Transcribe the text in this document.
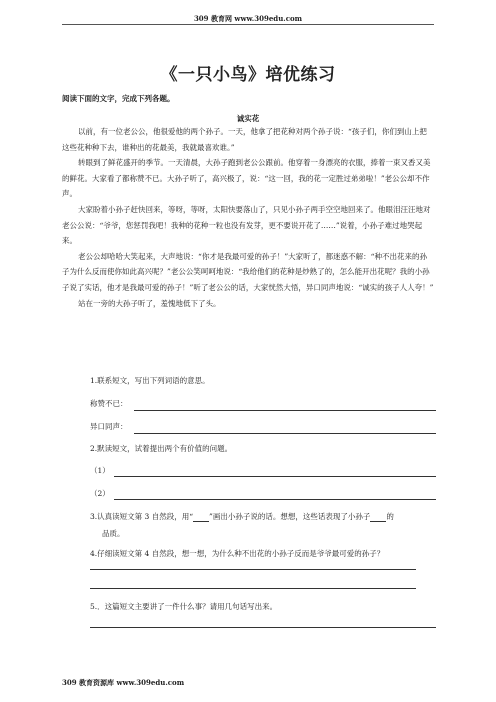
309 教育网 www.309edu.com
《一只小鸟》培优练习
阅读下面的文字，完成下列各题。
诚实花

以前，有一位老公公，他很爱他的两个孙子。一天，他拿了把花种对两个孙子说：“孩子们，你们到山上把这些花种种下去，谁种出的花最美，我就最喜欢谁。”

转眼到了鲜花盛开的季节。一天清晨，大孙子跑到老公公跟前。他穿着一身漂亮的衣服，捧着一束又香又美的鲜花。大家看了都称赞不已。大孙子听了，高兴极了，说：“这一回，我的花一定胜过弟弟啦！”老公公却不作声。

大家盼着小孙子赶快回来，等呀，等呀，太阳快要落山了，只见小孙子两手空空地回来了。他眼泪汪汪地对老公公说：“爷爷，您惩罚我吧！我种的花种一粒也没有发芽，更不要说开花了……”说着，小孙子难过地哭起来。

老公公却哈哈大笑起来，大声地说：“你才是我最可爱的孙子！”大家听了，都迷惑不解：“种不出花来的孙子为什么反而使你如此高兴呢？”老公公笑呵呵地说：“我给他们的花种是炒熟了的，怎么能开出花呢？我的小孙子说了实话，他才是我最可爱的孙子！”听了老公公的话，大家恍然大悟，异口同声地说：“诚实的孩子人人夸！”

站在一旁的大孙子听了，羞愧地低下了头。

1.联系短文，写出下列词语的意思。
称赞不已：
异口同声：
2.默读短文，试着提出两个有价值的问题。
（1）
（2）
3.认真读短文第 3 自然段，用“ ”画出小孙子说的话。想想，这些话表现了小孙子 的
品质。
4.仔细读短文第 4 自然段，想一想，为什么种不出花的小孙子反而是爷爷最可爱的孙子？
5.．这篇短文主要讲了一件什么事？请用几句话写出来。
309 教育资源库 www.309edu.com
